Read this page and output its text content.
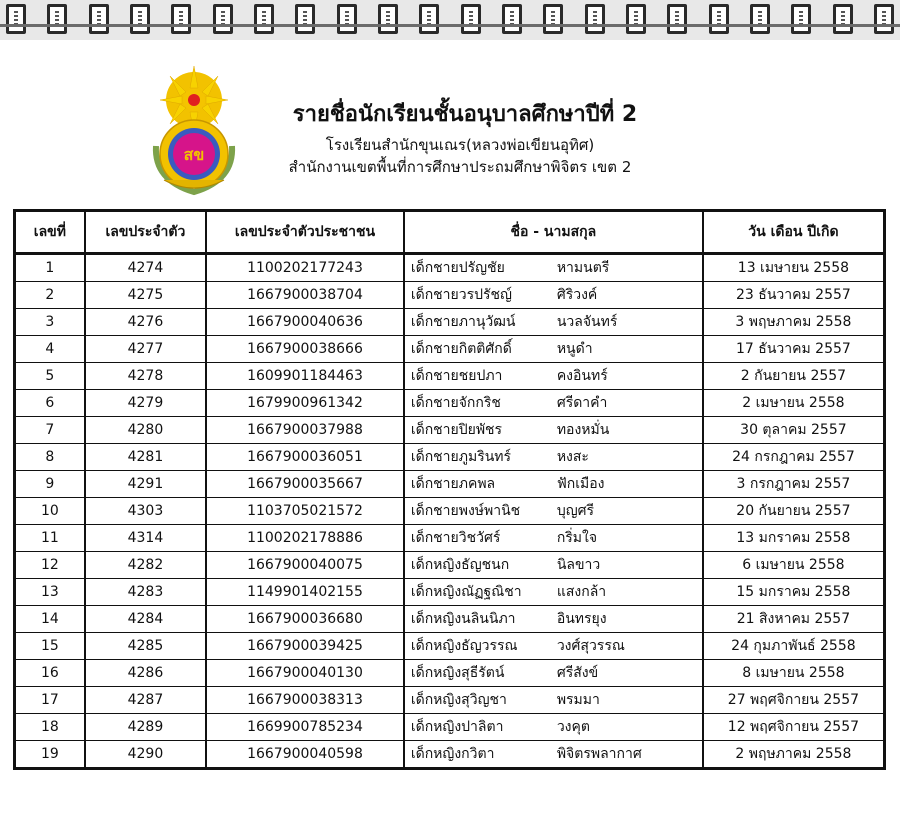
สข
รายชื่อนักเรียนชั้นอนุบาลศึกษาปีที่ 2
โรงเรียนสำนักขุนเณร(หลวงพ่อเขียนอุทิศ)
สำนักงานเขตพื้นที่การศึกษาประถมศึกษาพิจิตร เขต 2
เลขที่	เลขประจำตัว	เลขประจำตัวประชาชน	ชื่อ - นามสกุล	วัน เดือน ปีเกิด
1	4274	1100202177243	เด็กชายปรัญชัย หามนตรี	13 เมษายน 2558
2	4275	1667900038704	เด็กชายวรปรัชญ์ ศิริวงค์	23 ธันวาคม 2557
3	4276	1667900040636	เด็กชายภานุวัฒน์ นวลจันทร์	3 พฤษภาคม 2558
4	4277	1667900038666	เด็กชายกิตติศักดิ์ หนูดำ	17 ธันวาคม 2557
5	4278	1609901184463	เด็กชายชยปภา คงอินทร์	2 กันยายน 2557
6	4279	1679900961342	เด็กชายจักกริช ศรีดาคำ	2 เมษายน 2558
7	4280	1667900037988	เด็กชายปิยพัชร ทองหมั่น	30 ตุลาคม 2557
8	4281	1667900036051	เด็กชายภูมรินทร์ หงสะ	24 กรกฎาคม 2557
9	4291	1667900035667	เด็กชายภคพล ฟักเมือง	3 กรกฎาคม 2557
10	4303	1103705021572	เด็กชายพงษ์พานิช บุญศรี	20 กันยายน 2557
11	4314	1100202178886	เด็กชายวิชวัศร์ กริ่มใจ	13 มกราคม 2558
12	4282	1667900040075	เด็กหญิงธัญชนก นิลขาว	6 เมษายน 2558
13	4283	1149901402155	เด็กหญิงณัฏฐณิชา แสงกล้า	15 มกราคม 2558
14	4284	1667900036680	เด็กหญิงนลินนิภา อินทรยุง	21 สิงหาคม 2557
15	4285	1667900039425	เด็กหญิงธัญวรรณ วงศ์สุวรรณ	24 กุมภาพันธ์ 2558
16	4286	1667900040130	เด็กหญิงสุธีรัตน์ ศรีสังข์	8 เมษายน 2558
17	4287	1667900038313	เด็กหญิงสุวิญชา พรมมา	27 พฤศจิกายน 2557
18	4289	1669900785234	เด็กหญิงปาลิตา วงคุต	12 พฤศจิกายน 2557
19	4290	1667900040598	เด็กหญิงกวิตา พิจิตรพลากาศ	2 พฤษภาคม 2558
